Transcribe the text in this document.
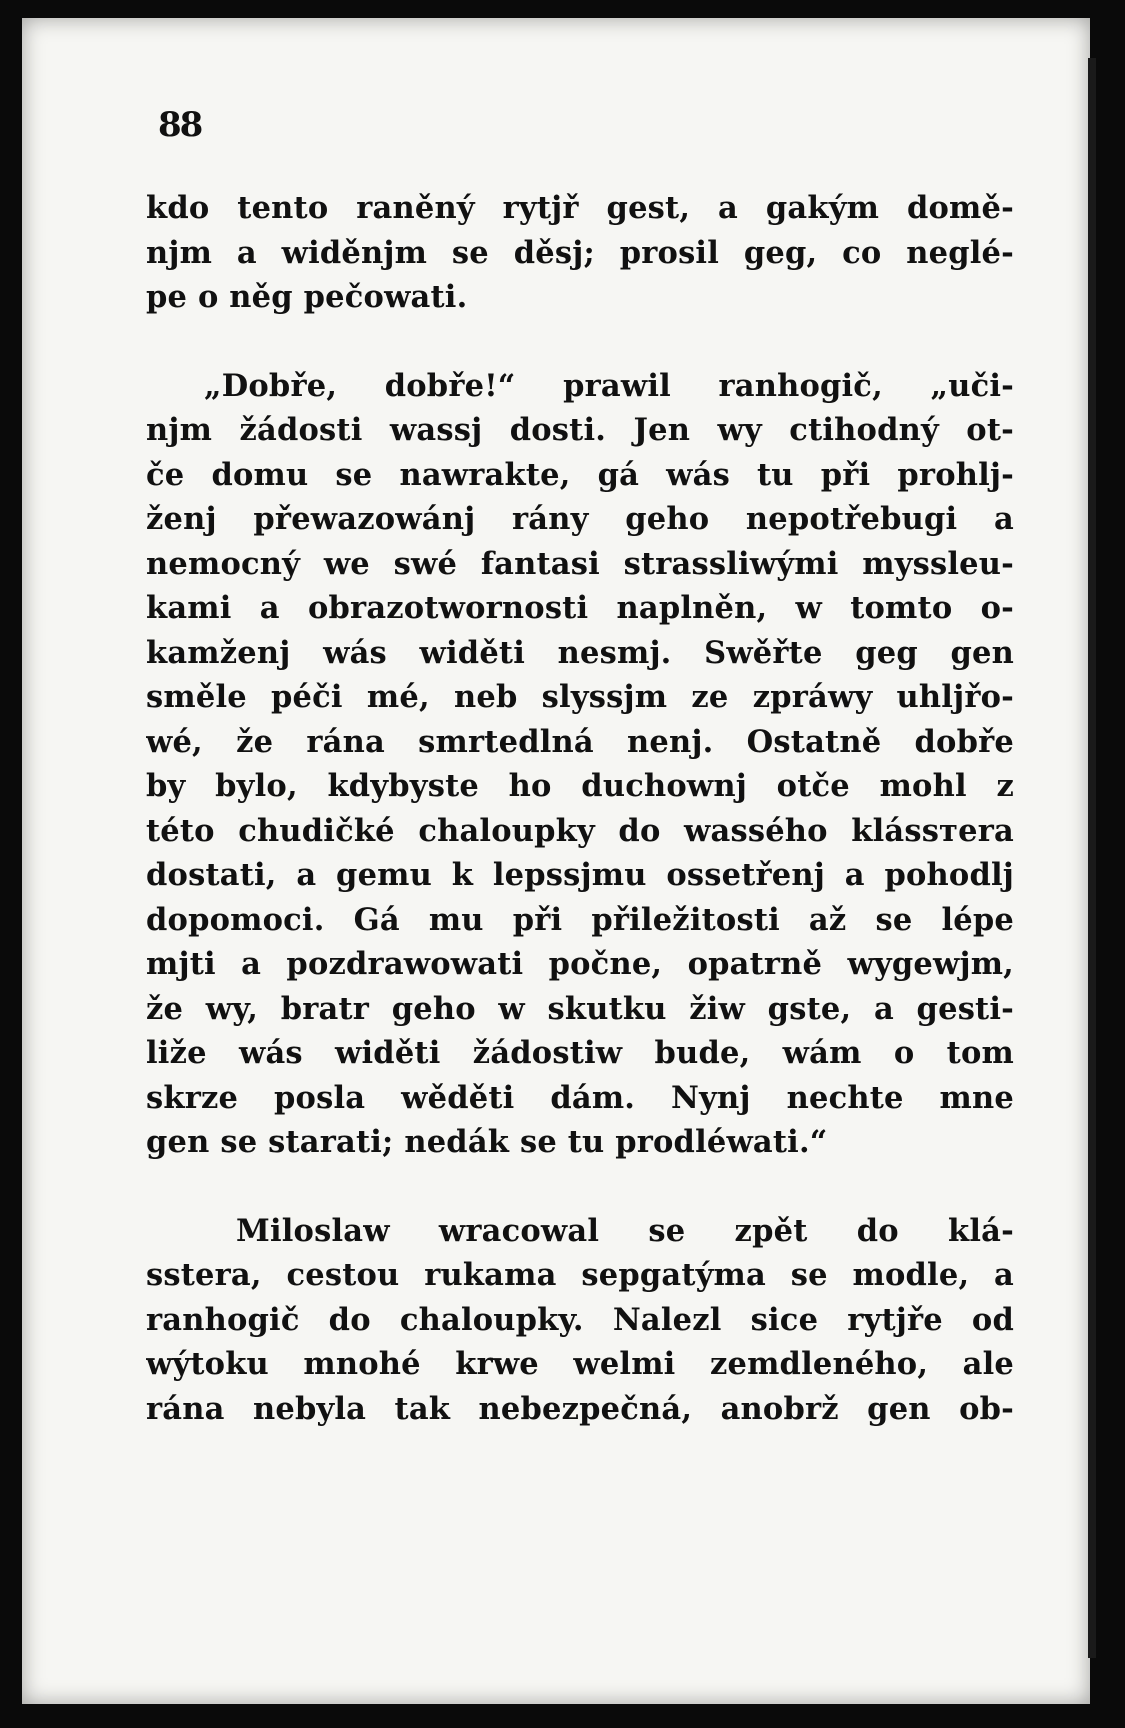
88

kdo tento raněný rytjř gest, a gakým domě-
njm a widěnjm se děsj; prosil geg, co neglé-
pe o něg pečowati.

„Dobře, dobře!“ prawil ranhogič, „uči-
njm žádosti wassj dosti. Jen wy ctihodný ot-
če domu se nawrakte, gá wás tu při prohlj-
ženj přewazowánj rány geho nepotřebugi a
nemocný we swé fantasi strasslіwými myssleu-
kami a obrazotwornosti naplněn, w tomto o-
kamženj wás widěti nesmj. Swěřte geg gen
směle péči mé, neb slyssjm ze zpráwy uhljřo-
wé, že rána smrtedlná nenj. Ostatně dobře
by bylo, kdybyste ho duchownj otče mohl z
této chudičké chaloupky do wassého klássтera
dostati, a gemu k lepssjmu ossetřenj a pohodlj
dopomoci. Gá mu při přiležitosti až se lépe
mjti a pozdrawowati počne, opatrně wygewjm,
že wy, bratr geho w skutku žiw gste, a gesti-
liže wás widěti žádostiw bude, wám o tom
skrze posla wěděti dám. Nynj nechte mne
gen se starati; nedák se tu prodléwati.“

Miloslaw wracowal se zpět do klá-
sstera, cestou rukama sepgatýma se modle, a
ranhogič do chaloupky. Nalezl sice rytjře od
wýtoku mnohé krwe welmi zemdleného, ale
rána nebyla tak nebezpečná, anobrž gen ob-
